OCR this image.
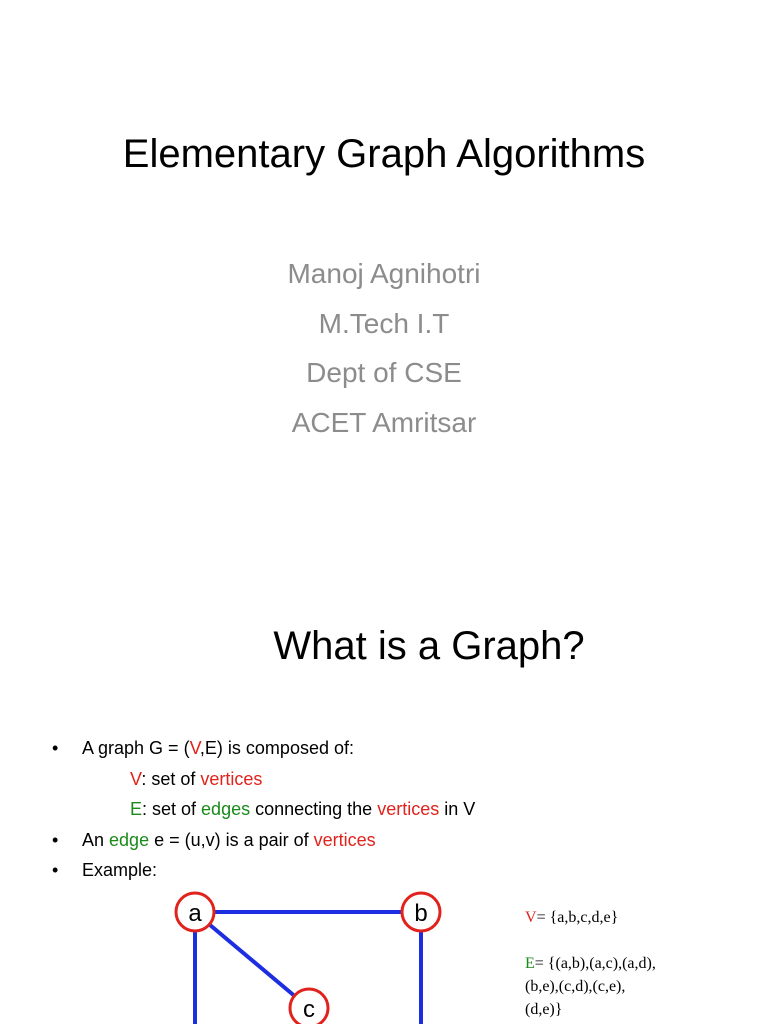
Elementary Graph Algorithms
Manoj Agnihotri
M.Tech I.T
Dept of CSE
ACET Amritsar
What is a Graph?
• A graph G = (V,E) is composed of:
V: set of vertices
E: set of edges connecting the vertices in V
• An edge e = (u,v) is a pair of vertices
• Example:
a	b
c
V= {a,b,c,d,e}
E= {(a,b),(a,c),(a,d),
(b,e),(c,d),(c,e),
(d,e)}
